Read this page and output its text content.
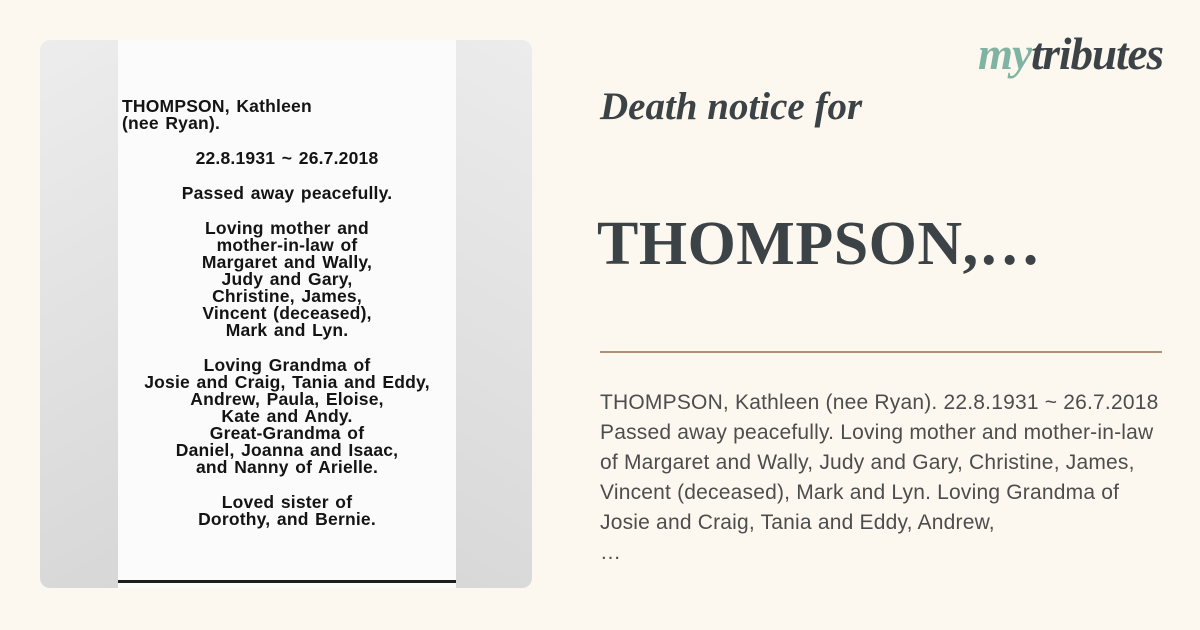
THOMPSON, Kathleen
(nee Ryan).
22.8.1931 ~ 26.7.2018
Passed away peacefully.
Loving mother and
mother-in-law of
Margaret and Wally,
Judy and Gary,
Christine, James,
Vincent (deceased),
Mark and Lyn.
Loving Grandma of
Josie and Craig, Tania and Eddy,
Andrew, Paula, Eloise,
Kate and Andy.
Great-Grandma of
Daniel, Joanna and Isaac,
and Nanny of Arielle.
Loved sister of
Dorothy, and Bernie.
mytributes
Death notice for
THOMPSON,…
THOMPSON, Kathleen (nee Ryan). 22.8.1931 ~ 26.7.2018 Passed away peacefully. Loving mother and mother-in-law of Margaret and Wally, Judy and Gary, Christine, James, Vincent (deceased), Mark and Lyn. Loving Grandma of Josie and Craig, Tania and Eddy, Andrew,
…
